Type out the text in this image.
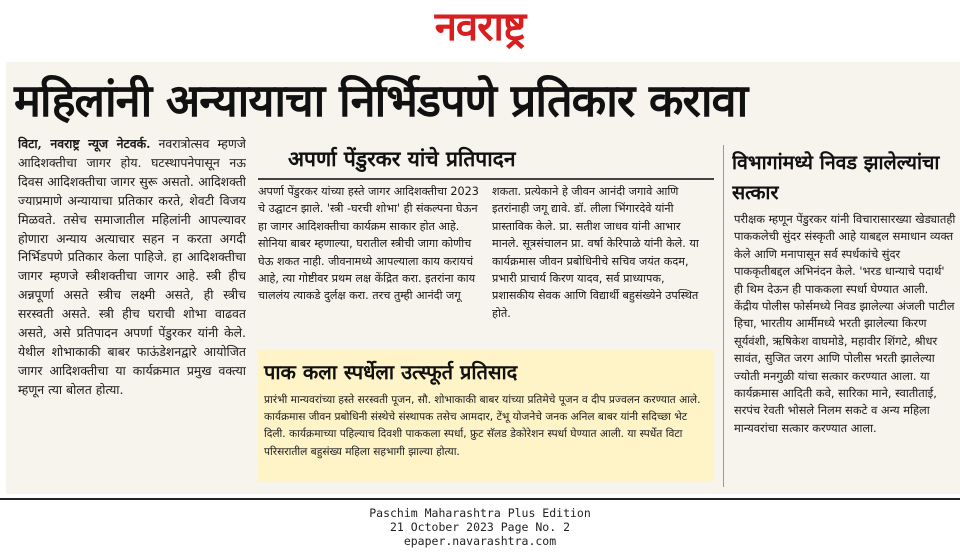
नवराष्ट्र
महिलांनी अन्यायाचा निर्भिडपणे प्रतिकार करावा
विटा, नवराष्ट्र न्यूज नेटवर्क. नवरात्रोत्सव म्हणजे आदिशक्तीचा जागर होय. घटस्थापनेपासून नऊ दिवस आदिशक्तीचा जागर सुरू असतो. आदिशक्ती ज्याप्रमाणे अन्यायाचा प्रतिकार करते, शेवटी विजय मिळवते. तसेच समाजातील महिलांनी आपल्यावर होणारा अन्याय अत्याचार सहन न करता अगदी निर्भिडपणे प्रतिकार केला पाहिजे. हा आदिशक्तीचा जागर म्हणजे स्त्रीशक्तीचा जागर आहे. स्त्री हीच अन्नपूर्णा असते स्त्रीच लक्ष्मी असते, ही स्त्रीच सरस्वती असते. स्त्री हीच घराची शोभा वाढवत असते, असे प्रतिपादन अपर्णा पेंडुरकर यांनी केले. येथील शोभाकाकी बाबर फाऊंडेशनद्वारे आयोजित जागर आदिशक्तीचा या कार्यक्रमात प्रमुख वक्त्या म्हणून त्या बोलत होत्या.
अपर्णा पेंडुरकर यांचे प्रतिपादन
अपर्णा पेंडुरकर यांच्या हस्ते जागर आदिशक्तीचा 2023 चे उद्घाटन झाले. 'स्त्री -घरची शोभा' ही संकल्पना घेऊन हा जागर आदिशक्तीचा कार्यक्रम साकार होत आहे. सोनिया बाबर म्हणाल्या, घरातील स्त्रीची जागा कोणीच घेऊ शकत नाही. जीवनामध्ये आपल्याला काय करायचं आहे, त्या गोष्टीवर प्रथम लक्ष केंद्रित करा. इतरांना काय चाललंय त्याकडे दुर्लक्ष करा. तरच तुम्ही आनंदी जगू
शकता. प्रत्येकाने हे जीवन आनंदी जगावे आणि इतरांनाही जगू द्यावे. डॉ. लीला भिंगारदेवे यांनी प्रास्ताविक केले. प्रा. सतीश जाधव यांनी आभार मानले. सूत्रसंचालन प्रा. वर्षा केरिपाळे यांनी केले. या कार्यक्रमास जीवन प्रबोधिनीचे सचिव जयंत कदम, प्रभारी प्राचार्य किरण यादव, सर्व प्राध्यापक, प्रशासकीय सेवक आणि विद्यार्थी बहुसंख्येने उपस्थित होते.
पाक कला स्पर्धेला उत्स्फूर्त प्रतिसाद
प्रारंभी मान्यवरांच्या हस्ते सरस्वती पूजन, सौ. शोभाकाकी बाबर यांच्या प्रतिमेचे पूजन व दीप प्रज्वलन करण्यात आले. कार्यक्रमास जीवन प्रबोधिनी संस्थेचे संस्थापक तसेच आमदार, टेंभू योजनेचे जनक अनिल बाबर यांनी सदिच्छा भेट दिली. कार्यक्रमाच्या पहिल्याच दिवशी पाककला स्पर्धा, फ्रुट सॅलड डेकोरेशन स्पर्धा घेण्यात आली. या स्पर्धेत विटा परिसरातील बहुसंख्य महिला सहभागी झाल्या होत्या.
विभागांमध्ये निवड झालेल्यांचा सत्कार
परीक्षक म्हणून पेंडुरकर यांनी विचारासारख्या खेड्यातही पाककलेची सुंदर संस्कृती आहे याबद्दल समाधान व्यक्त केले आणि मनापासून सर्व स्पर्धकांचे सुंदर पाककृतीबद्दल अभिनंदन केले. 'भरड धान्याचे पदार्थ' ही थिम देऊन ही पाककला स्पर्धा घेण्यात आली. केंद्रीय पोलीस फोर्समध्ये निवड झालेल्या अंजली पाटील हिचा, भारतीय आर्मीमध्ये भरती झालेल्या किरण सूर्यवंशी, ऋषिकेश वाघमोडे, महावीर शिंगटे, श्रीधर सावंत, सुजित जरग आणि पोलीस भरती झालेल्या ज्योती मनगुळी यांचा सत्कार करण्यात आला. या कार्यक्रमास आदिती कवे, सारिका माने, स्वातीताई, सरपंच रेवती भोसले निलम सकटे व अन्य महिला मान्यवरांचा सत्कार करण्यात आला.
Paschim Maharashtra Plus Edition
21 October 2023 Page No. 2
epaper.navarashtra.com
